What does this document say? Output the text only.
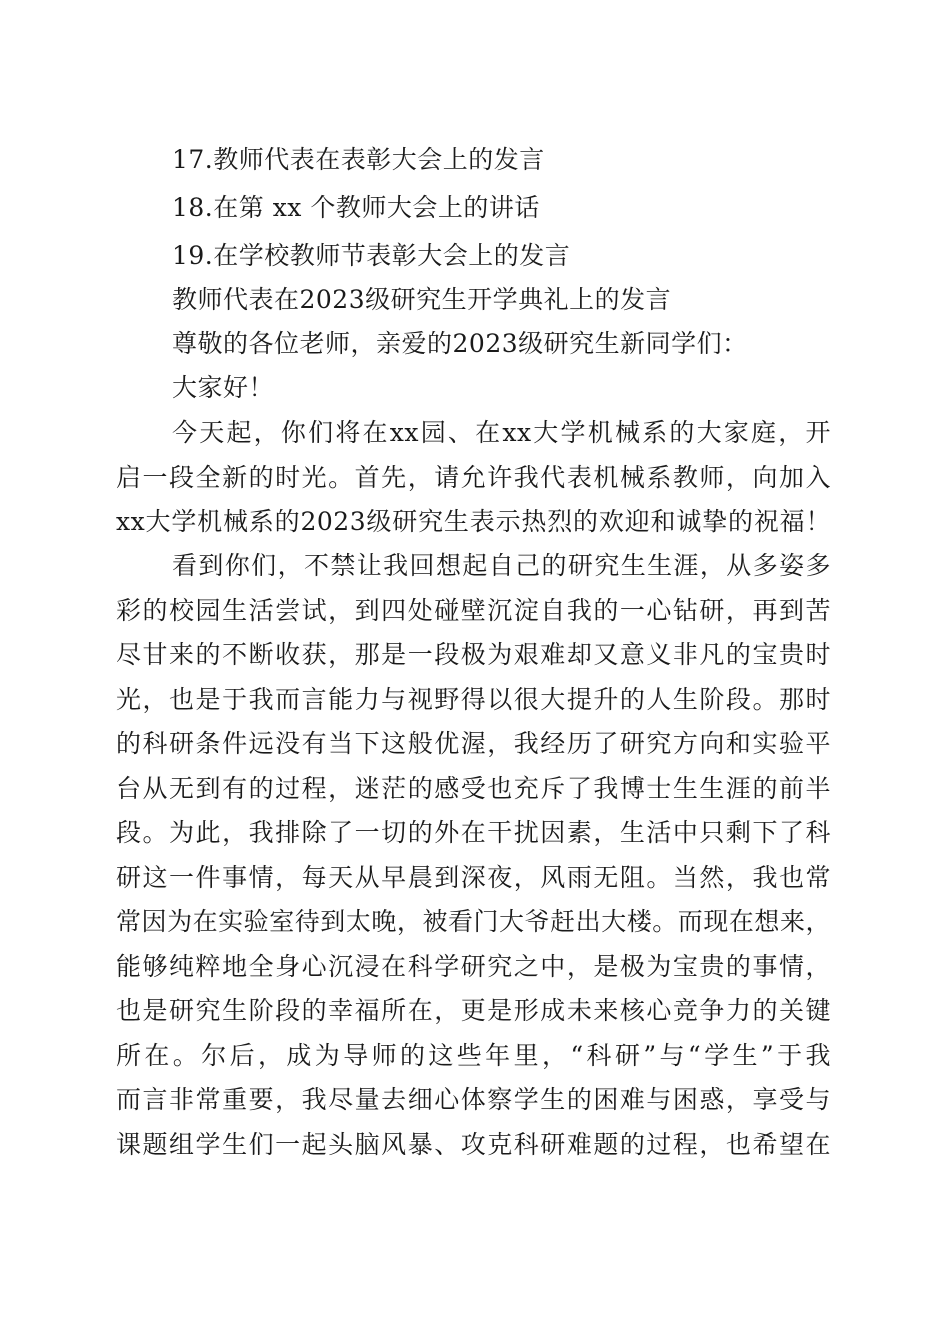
17.教师代表在表彰大会上的发言
18.在第 xx 个教师大会上的讲话
19.在学校教师节表彰大会上的发言
教师代表在2023级研究生开学典礼上的发言
尊敬的各位老师，亲爱的2023级研究生新同学们：
大家好！
今天起，你们将在xx园、在xx大学机械系的大家庭，开
启一段全新的时光。首先，请允许我代表机械系教师，向加入
xx大学机械系的2023级研究生表示热烈的欢迎和诚挚的祝福！
看到你们，不禁让我回想起自己的研究生生涯，从多姿多
彩的校园生活尝试，到四处碰壁沉淀自我的一心钻研，再到苦
尽甘来的不断收获，那是一段极为艰难却又意义非凡的宝贵时
光，也是于我而言能力与视野得以很大提升的人生阶段。那时
的科研条件远没有当下这般优渥，我经历了研究方向和实验平
台从无到有的过程，迷茫的感受也充斥了我博士生生涯的前半
段。为此，我排除了一切的外在干扰因素，生活中只剩下了科
研这一件事情，每天从早晨到深夜，风雨无阻。当然，我也常
常因为在实验室待到太晚，被看门大爷赶出大楼。而现在想来，
能够纯粹地全身心沉浸在科学研究之中，是极为宝贵的事情，
也是研究生阶段的幸福所在，更是形成未来核心竞争力的关键
所在。尔后，成为导师的这些年里，“科研”与“学生”于我
而言非常重要，我尽量去细心体察学生的困难与困惑，享受与
课题组学生们一起头脑风暴、攻克科研难题的过程，也希望在
